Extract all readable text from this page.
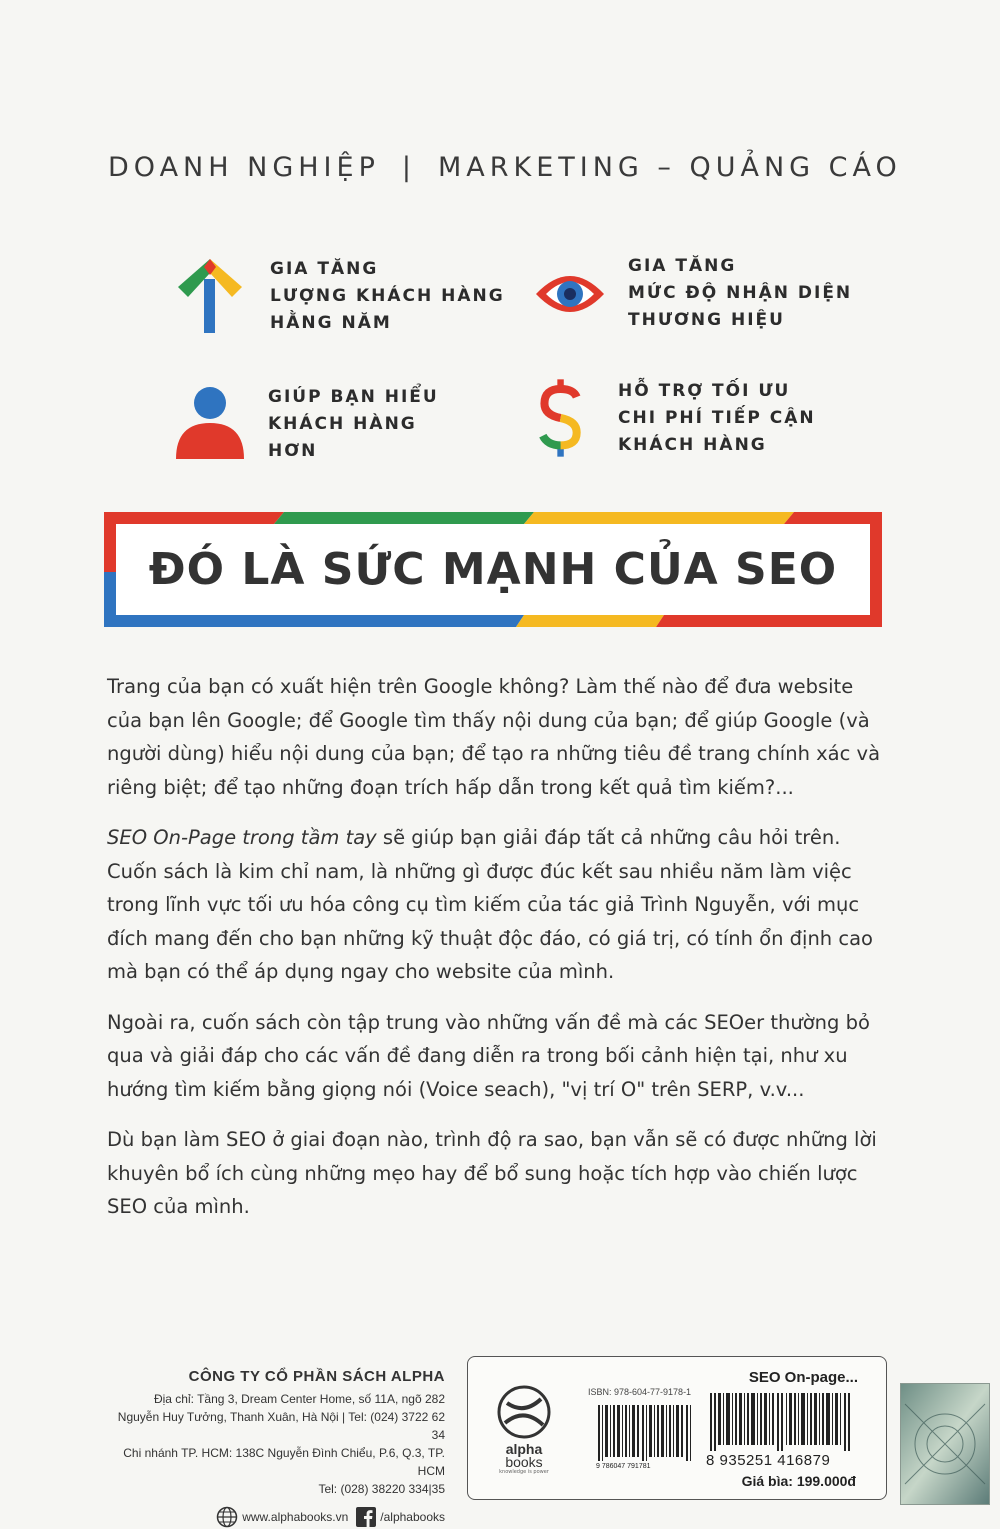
DOANH NGHIỆP | MARKETING – QUẢNG CÁO
GIA TĂNG
LƯỢNG KHÁCH HÀNG
HẰNG NĂM
GIA TĂNG
MỨC ĐỘ NHẬN DIỆN
THƯƠNG HIỆU
GIÚP BẠN HIỂU
KHÁCH HÀNG
HƠN
HỖ TRỢ TỐI ƯU
CHI PHÍ TIẾP CẬN
KHÁCH HÀNG
ĐÓ LÀ SỨC MẠNH CỦA SEO

Trang của bạn có xuất hiện trên Google không? Làm thế nào để đưa website của bạn lên Google; để Google tìm thấy nội dung của bạn; để giúp Google (và người dùng) hiểu nội dung của bạn; để tạo ra những tiêu đề trang chính xác và riêng biệt; để tạo những đoạn trích hấp dẫn trong kết quả tìm kiếm?...

SEO On-Page trong tầm tay sẽ giúp bạn giải đáp tất cả những câu hỏi trên. Cuốn sách là kim chỉ nam, là những gì được đúc kết sau nhiều năm làm việc trong lĩnh vực tối ưu hóa công cụ tìm kiếm của tác giả Trình Nguyễn, với mục đích mang đến cho bạn những kỹ thuật độc đáo, có giá trị, có tính ổn định cao mà bạn có thể áp dụng ngay cho website của mình.

Ngoài ra, cuốn sách còn tập trung vào những vấn đề mà các SEOer thường bỏ qua và giải đáp cho các vấn đề đang diễn ra trong bối cảnh hiện tại, như xu hướng tìm kiếm bằng giọng nói (Voice seach), "vị trí O" trên SERP, v.v...

Dù bạn làm SEO ở giai đoạn nào, trình độ ra sao, bạn vẫn sẽ có được những lời khuyên bổ ích cùng những mẹo hay để bổ sung hoặc tích hợp vào chiến lược SEO của mình.

CÔNG TY CỔ PHẦN SÁCH ALPHA
Địa chỉ: Tầng 3, Dream Center Home, số 11A, ngõ 282
Nguyễn Huy Tưởng, Thanh Xuân, Hà Nội | Tel: (024) 3722 62 34
Chi nhánh TP. HCM: 138C Nguyễn Đình Chiểu, P.6, Q.3, TP. HCM
Tel: (028) 38220 334|35
www.alphabooks.vn	/alphabooks
alpha
books
knowledge is power
ISBN: 978-604-77-9178-1
9 786047 791781	8 935251 416879
SEO On-page...
Giá bìa: 199.000đ
